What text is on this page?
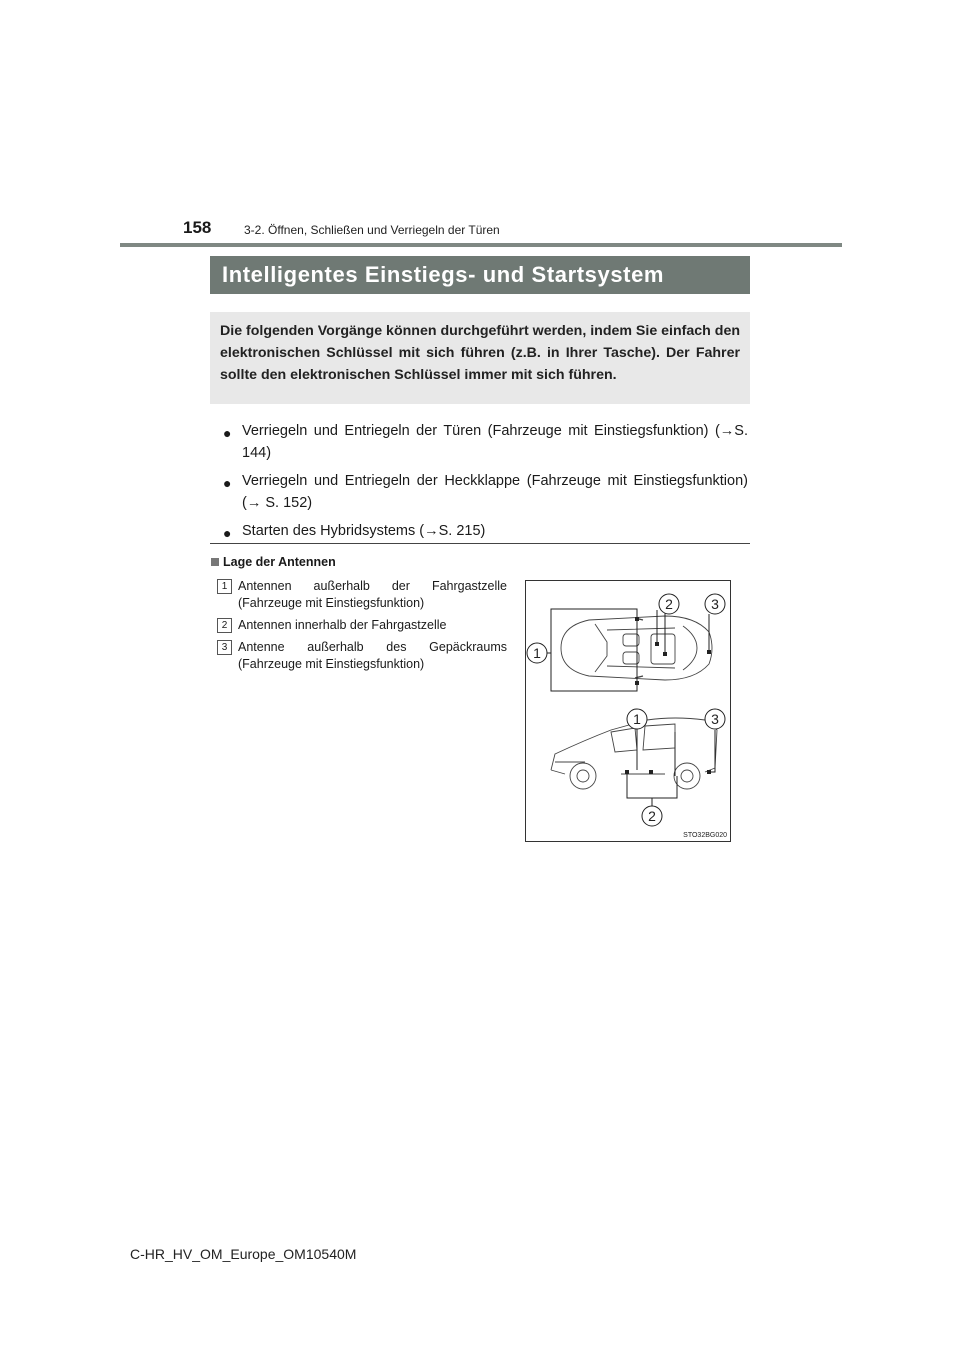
158	3-2. Öffnen, Schließen und Verriegeln der Türen
Intelligentes Einstiegs- und Startsystem
Die folgenden Vorgänge können durchgeführt werden, indem Sie einfach den elektronischen Schlüssel mit sich führen (z.B. in Ihrer Tasche). Der Fahrer sollte den elektronischen Schlüssel immer mit sich führen.
● Verriegeln und Entriegeln der Türen (Fahrzeuge mit Einstiegsfunktion) (→S. 144)
● Verriegeln und Entriegeln der Heckklappe (Fahrzeuge mit Einstiegsfunktion) (→ S. 152)
● Starten des Hybridsystems (→S. 215)
Lage der Antennen
1 Antennen außerhalb der Fahrgastzelle (Fahrzeuge mit Einstiegsfunktion)
2 Antennen innerhalb der Fahrgastzelle
3 Antenne außerhalb des Gepäckraums (Fahrzeuge mit Einstiegsfunktion)
2	3
1
1	3
2
STO32BG020
C-HR_HV_OM_Europe_OM10540M
